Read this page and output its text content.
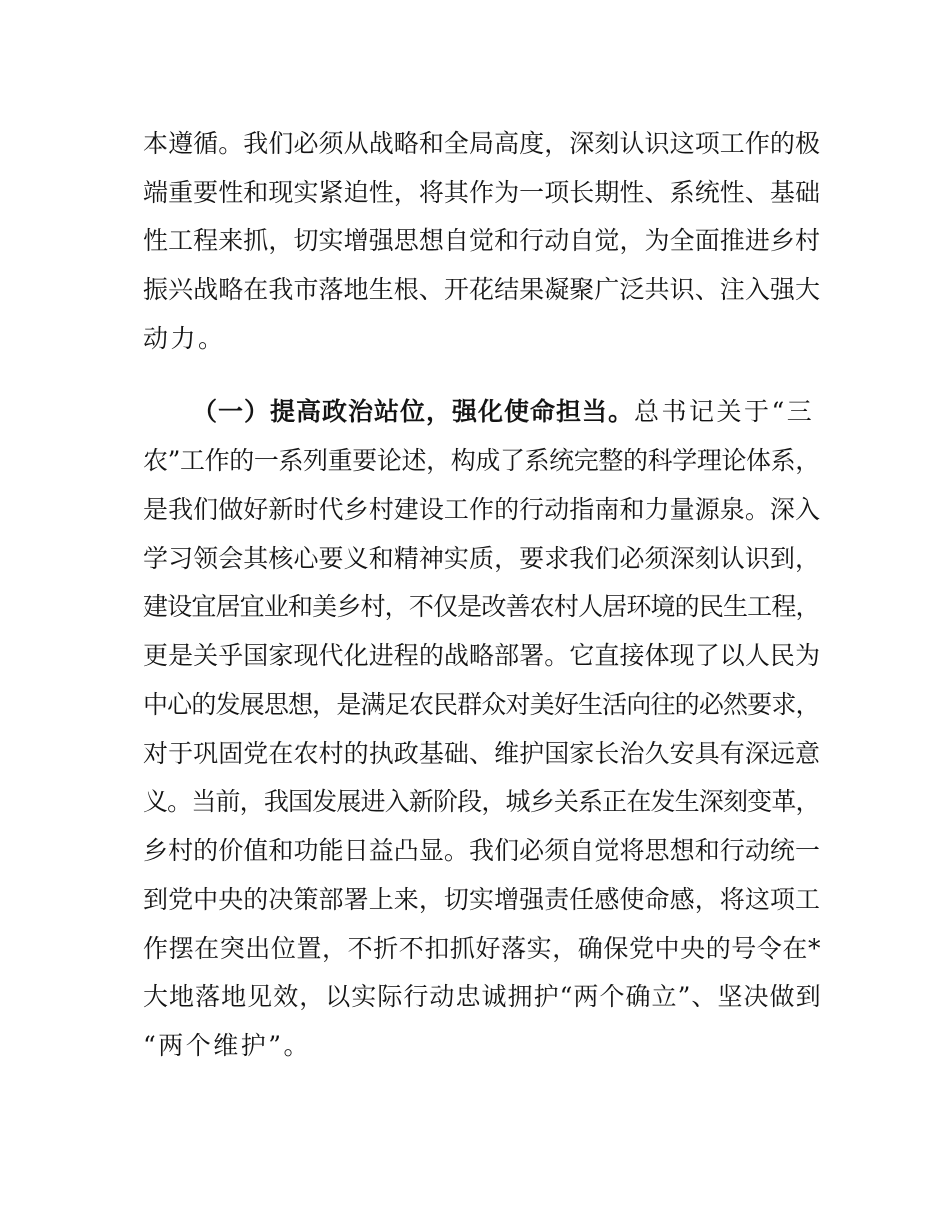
本遵循。我们必须从战略和全局高度，深刻认识这项工作的极
端重要性和现实紧迫性，将其作为一项长期性、系统性、基础
性工程来抓，切实增强思想自觉和行动自觉，为全面推进乡村
振兴战略在我市落地生根、开花结果凝聚广泛共识、注入强大
动力。
（一）提高政治站位，强化使命担当。总书记关于“三
农”工作的一系列重要论述，构成了系统完整的科学理论体系，
是我们做好新时代乡村建设工作的行动指南和力量源泉。深入
学习领会其核心要义和精神实质，要求我们必须深刻认识到，
建设宜居宜业和美乡村，不仅是改善农村人居环境的民生工程，
更是关乎国家现代化进程的战略部署。它直接体现了以人民为
中心的发展思想，是满足农民群众对美好生活向往的必然要求，
对于巩固党在农村的执政基础、维护国家长治久安具有深远意
义。当前，我国发展进入新阶段，城乡关系正在发生深刻变革，
乡村的价值和功能日益凸显。我们必须自觉将思想和行动统一
到党中央的决策部署上来，切实增强责任感使命感，将这项工
作摆在突出位置，不折不扣抓好落实，确保党中央的号令在*
大地落地见效，以实际行动忠诚拥护“两个确立”、坚决做到
“两个维护”。
